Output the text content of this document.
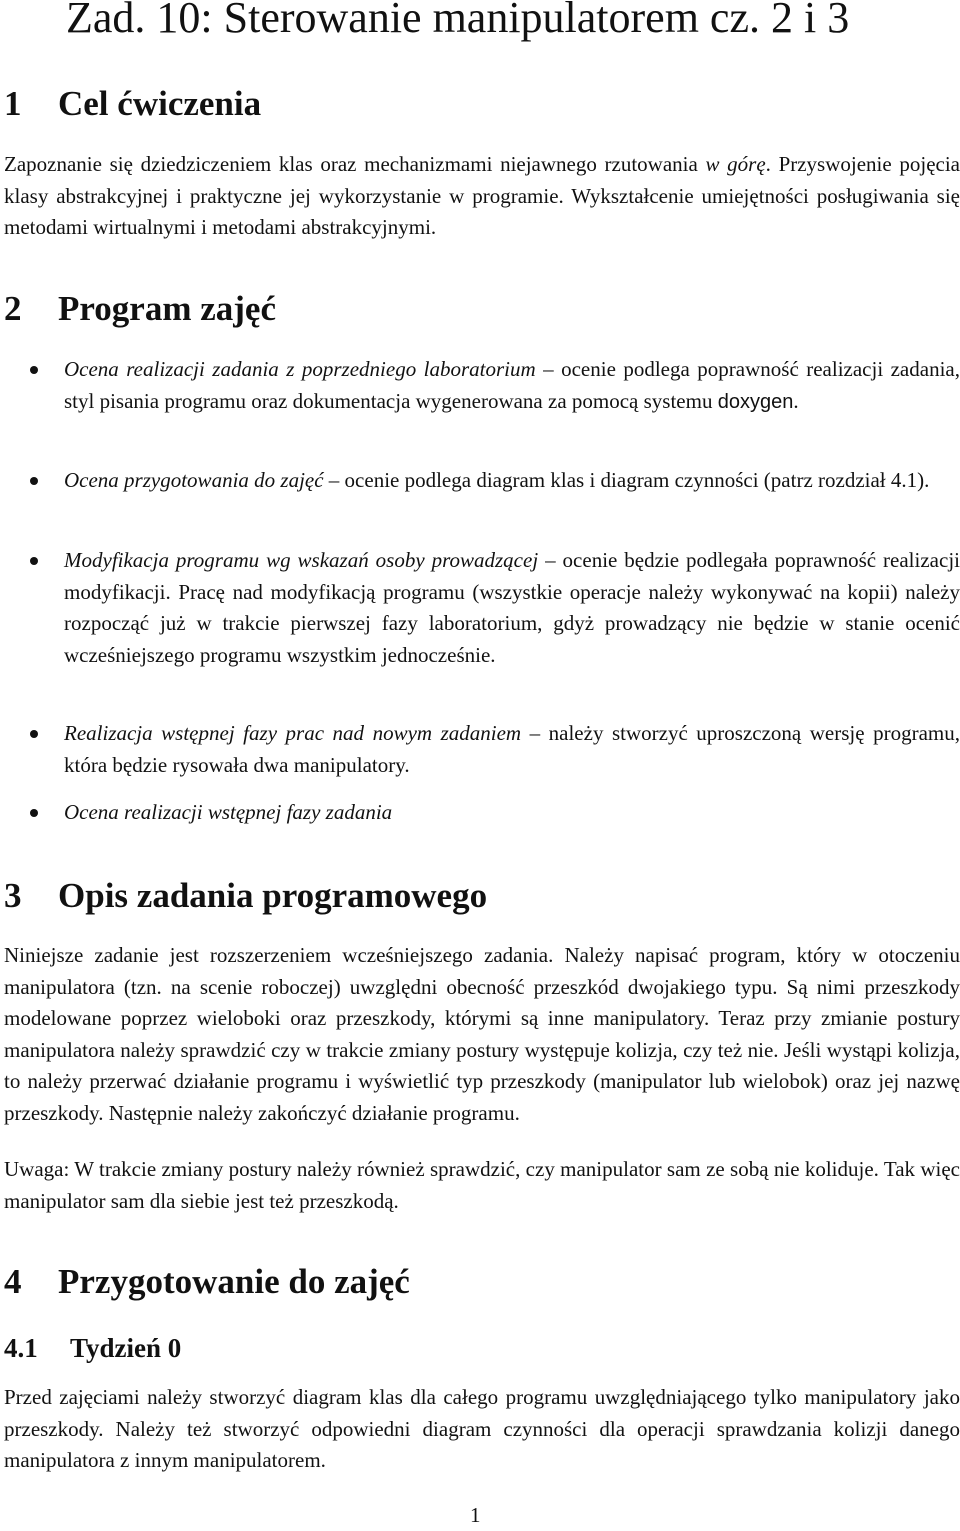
Zad. 10: Sterowanie manipulatorem cz. 2 i 3
1 Cel ćwiczenia

Zapoznanie się dziedziczeniem klas oraz mechanizmami niejawnego rzutowania w górę. Przyswojenie pojęcia klasy abstrakcyjnej i praktyczne jej wykorzystanie w programie. Wykształcenie umiejętności posługiwania się metodami wirtualnymi i metodami abstrakcyjnymi.

2 Program zajęć

Ocena realizacji zadania z poprzedniego laboratorium – ocenie podlega poprawność realizacji zadania, styl pisania programu oraz dokumentacja wygenerowana za pomocą systemu doxygen.

Ocena przygotowania do zajęć – ocenie podlega diagram klas i diagram czynności (patrz rozdział 4.1).

Modyfikacja programu wg wskazań osoby prowadzącej – ocenie będzie podlegała poprawność realizacji modyfikacji. Pracę nad modyfikacją programu (wszystkie operacje należy wykonywać na kopii) należy rozpocząć już w trakcie pierwszej fazy laboratorium, gdyż prowadzący nie będzie w stanie ocenić wcześniejszego programu wszystkim jednocześnie.

Realizacja wstępnej fazy prac nad nowym zadaniem – należy stworzyć uproszczoną wersję programu, która będzie rysowała dwa manipulatory.

Ocena realizacji wstępnej fazy zadania

3 Opis zadania programowego

Niniejsze zadanie jest rozszerzeniem wcześniejszego zadania. Należy napisać program, który w otoczeniu manipulatora (tzn. na scenie roboczej) uwzględni obecność przeszkód dwojakiego typu. Są nimi przeszkody modelowane poprzez wieloboki oraz przeszkody, którymi są inne manipulatory. Teraz przy zmianie postury manipulatora należy sprawdzić czy w trakcie zmiany postury występuje kolizja, czy też nie. Jeśli wystąpi kolizja, to należy przerwać działanie programu i wyświetlić typ przeszkody (manipulator lub wielobok) oraz jej nazwę przeszkody. Następnie należy zakończyć działanie programu.

Uwaga: W trakcie zmiany postury należy również sprawdzić, czy manipulator sam ze sobą nie koliduje. Tak więc manipulator sam dla siebie jest też przeszkodą.

4 Przygotowanie do zajęć
4.1 Tydzień 0

Przed zajęciami należy stworzyć diagram klas dla całego programu uwzględniającego tylko manipulatory jako przeszkody. Należy też stworzyć odpowiedni diagram czynności dla operacji sprawdzania kolizji danego manipulatora z innym manipulatorem.

1
